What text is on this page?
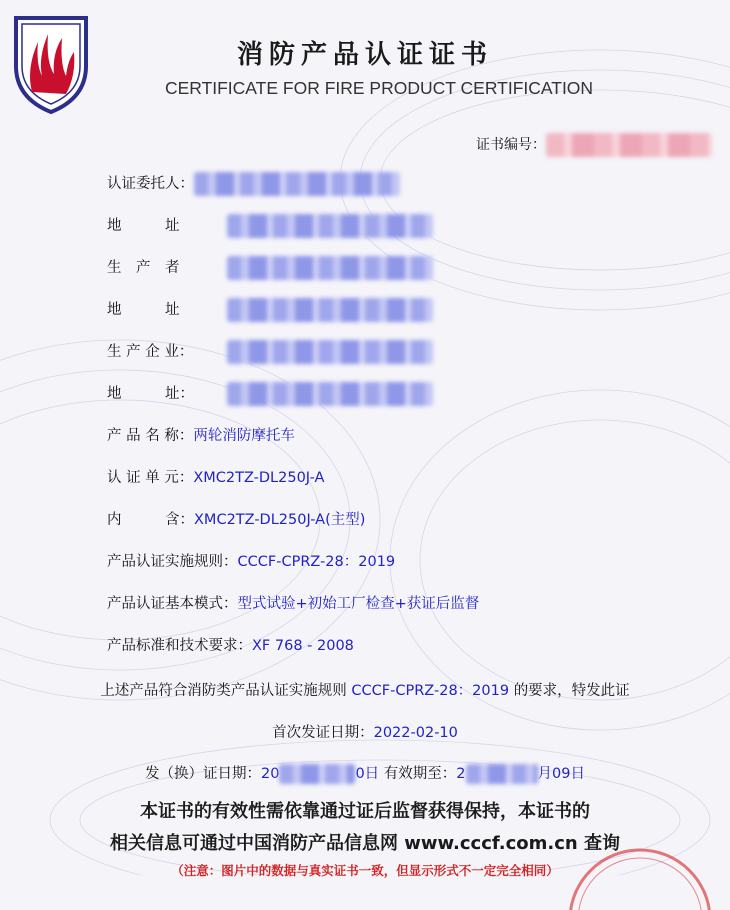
消防产品认证证书
CERTIFICATE FOR FIRE PRODUCT CERTIFICATION
证书编号：
认证委托人：
地　　　址
生　产　者
地　　　址
生 产 企 业：
地　　　址：
产 品 名 称：两轮消防摩托车
认 证 单 元：XMC2TZ-DL250J-A
内　　　含：XMC2TZ-DL250J-A(主型)
产品认证实施规则：CCCF-CPRZ-28：2019
产品认证基本模式：型式试验+初始工厂检查+获证后监督
产品标准和技术要求：XF 768 - 2008
上述产品符合消防类产品认证实施规则 CCCF-CPRZ-28：2019 的要求，特发此证
首次发证日期：2022-02-10
发（换）证日期：20	0日 有效期至：2	月09日
本证书的有效性需依靠通过证后监督获得保持，本证书的
相关信息可通过中国消防产品信息网 www.cccf.com.cn 查询
（注意：图片中的数据与真实证书一致，但显示形式不一定完全相同）
